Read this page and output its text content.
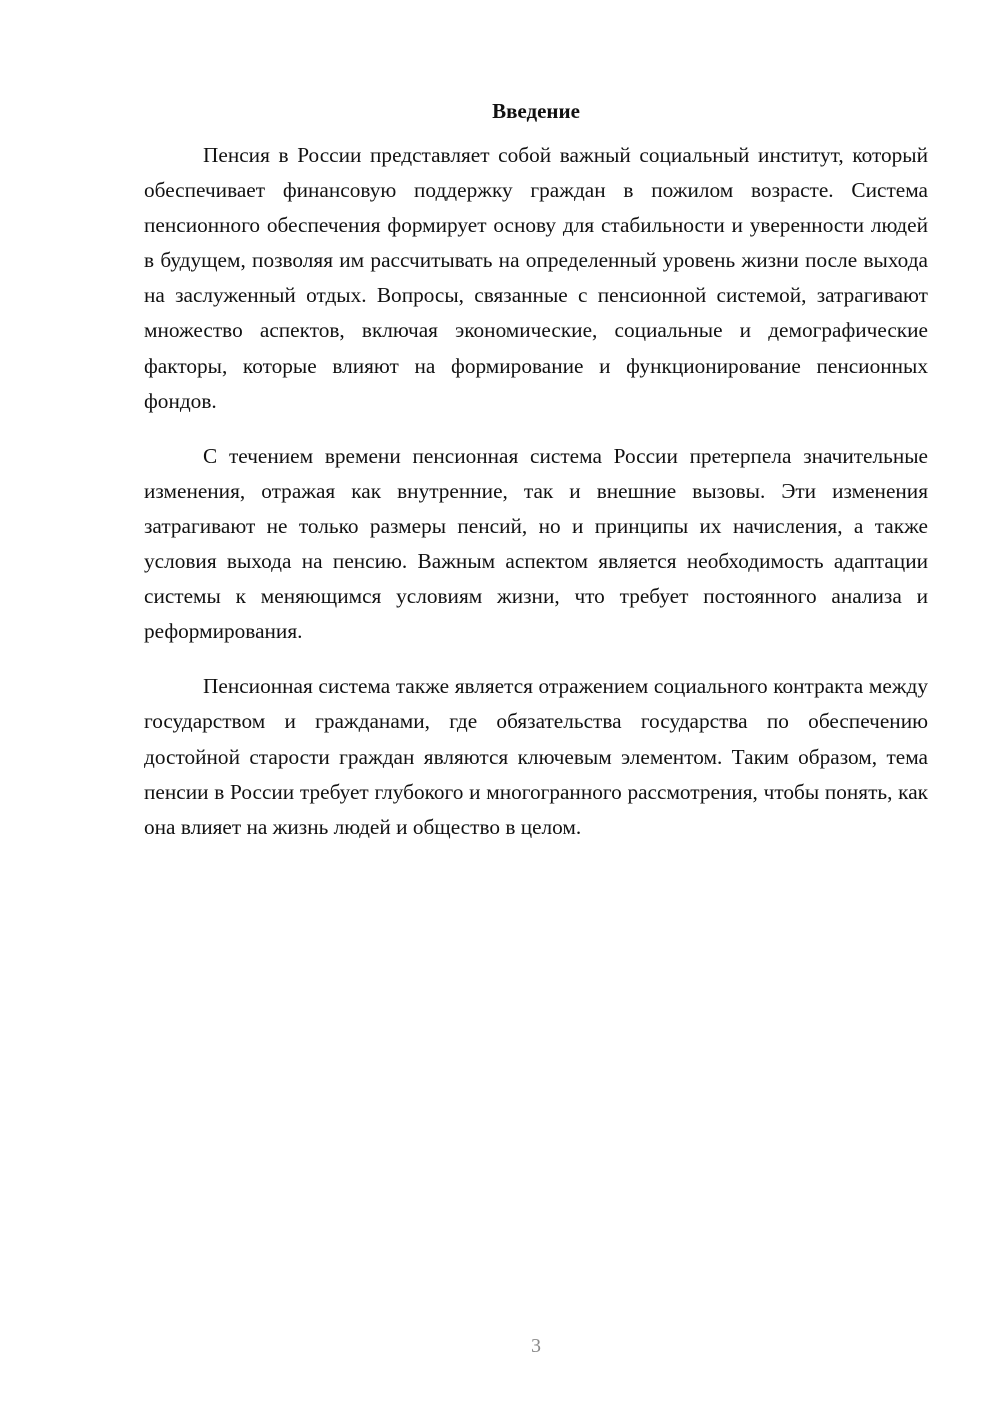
Введение

Пенсия в России представляет собой важный социальный институт, который обеспечивает финансовую поддержку граждан в пожилом возрасте. Система пенсионного обеспечения формирует основу для стабильности и уверенности людей в будущем, позволяя им рассчитывать на определенный уровень жизни после выхода на заслуженный отдых. Вопросы, связанные с пенсионной системой, затрагивают множество аспектов, включая экономические, социальные и демографические факторы, которые влияют на формирование и функционирование пенсионных фондов.

С течением времени пенсионная система России претерпела значительные изменения, отражая как внутренние, так и внешние вызовы. Эти изменения затрагивают не только размеры пенсий, но и принципы их начисления, а также условия выхода на пенсию. Важным аспектом является необходимость адаптации системы к меняющимся условиям жизни, что требует постоянного анализа и реформирования.

Пенсионная система также является отражением социального контракта между государством и гражданами, где обязательства государства по обеспечению достойной старости граждан являются ключевым элементом. Таким образом, тема пенсии в России требует глубокого и многогранного рассмотрения, чтобы понять, как она влияет на жизнь людей и общество в целом.

3
